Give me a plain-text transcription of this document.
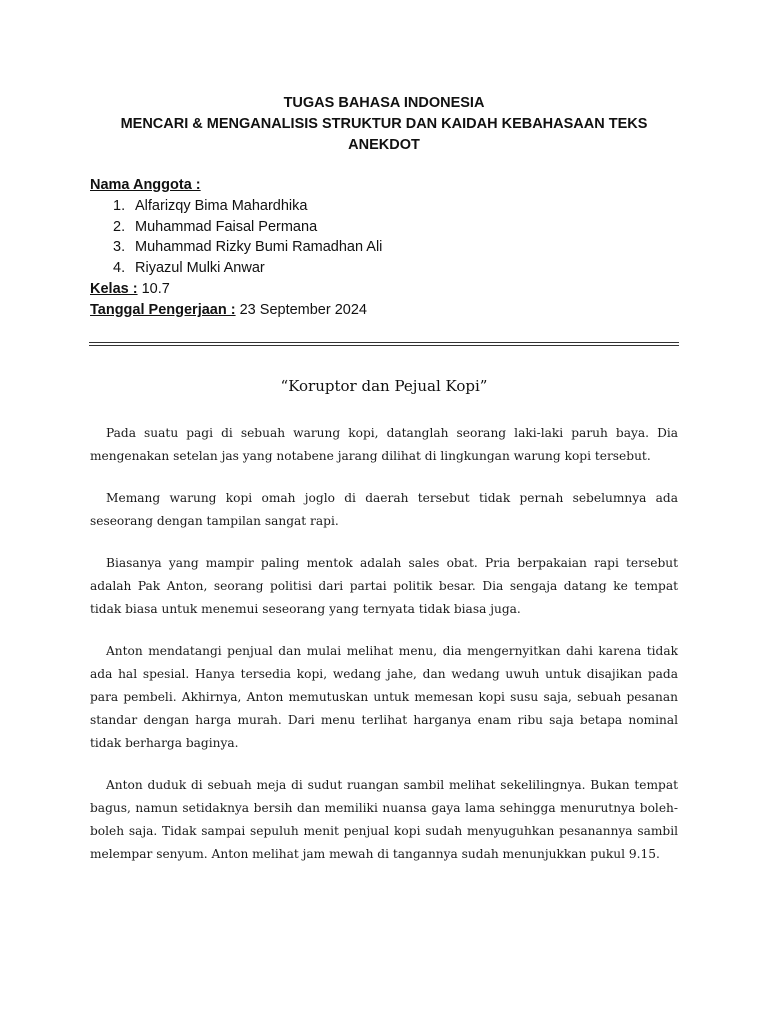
TUGAS BAHASA INDONESIA
MENCARI & MENGANALISIS STRUKTUR DAN KAIDAH KEBAHASAAN TEKS
ANEKDOT
Nama Anggota :
1. Alfarizqy Bima Mahardhika
2. Muhammad Faisal Permana
3. Muhammad Rizky Bumi Ramadhan Ali
4. Riyazul Mulki Anwar
Kelas : 10.7
Tanggal Pengerjaan : 23 September 2024
“Koruptor dan Pejual Kopi”

Pada suatu pagi di sebuah warung kopi, datanglah seorang laki-laki paruh baya. Dia mengenakan setelan jas yang notabene jarang dilihat di lingkungan warung kopi tersebut.

Memang warung kopi omah joglo di daerah tersebut tidak pernah sebelumnya ada seseorang dengan tampilan sangat rapi.

Biasanya yang mampir paling mentok adalah sales obat. Pria berpakaian rapi tersebut adalah Pak Anton, seorang politisi dari partai politik besar. Dia sengaja datang ke tempat tidak biasa untuk menemui seseorang yang ternyata tidak biasa juga.

Anton mendatangi penjual dan mulai melihat menu, dia mengernyitkan dahi karena tidak ada hal spesial. Hanya tersedia kopi, wedang jahe, dan wedang uwuh untuk disajikan pada para pembeli. Akhirnya, Anton memutuskan untuk memesan kopi susu saja, sebuah pesanan standar dengan harga murah. Dari menu terlihat harganya enam ribu saja betapa nominal tidak berharga baginya.

Anton duduk di sebuah meja di sudut ruangan sambil melihat sekelilingnya. Bukan tempat bagus, namun setidaknya bersih dan memiliki nuansa gaya lama sehingga menurutnya boleh-boleh saja. Tidak sampai sepuluh menit penjual kopi sudah menyuguhkan pesanannya sambil melempar senyum. Anton melihat jam mewah di tangannya sudah menunjukkan pukul 9.15.
